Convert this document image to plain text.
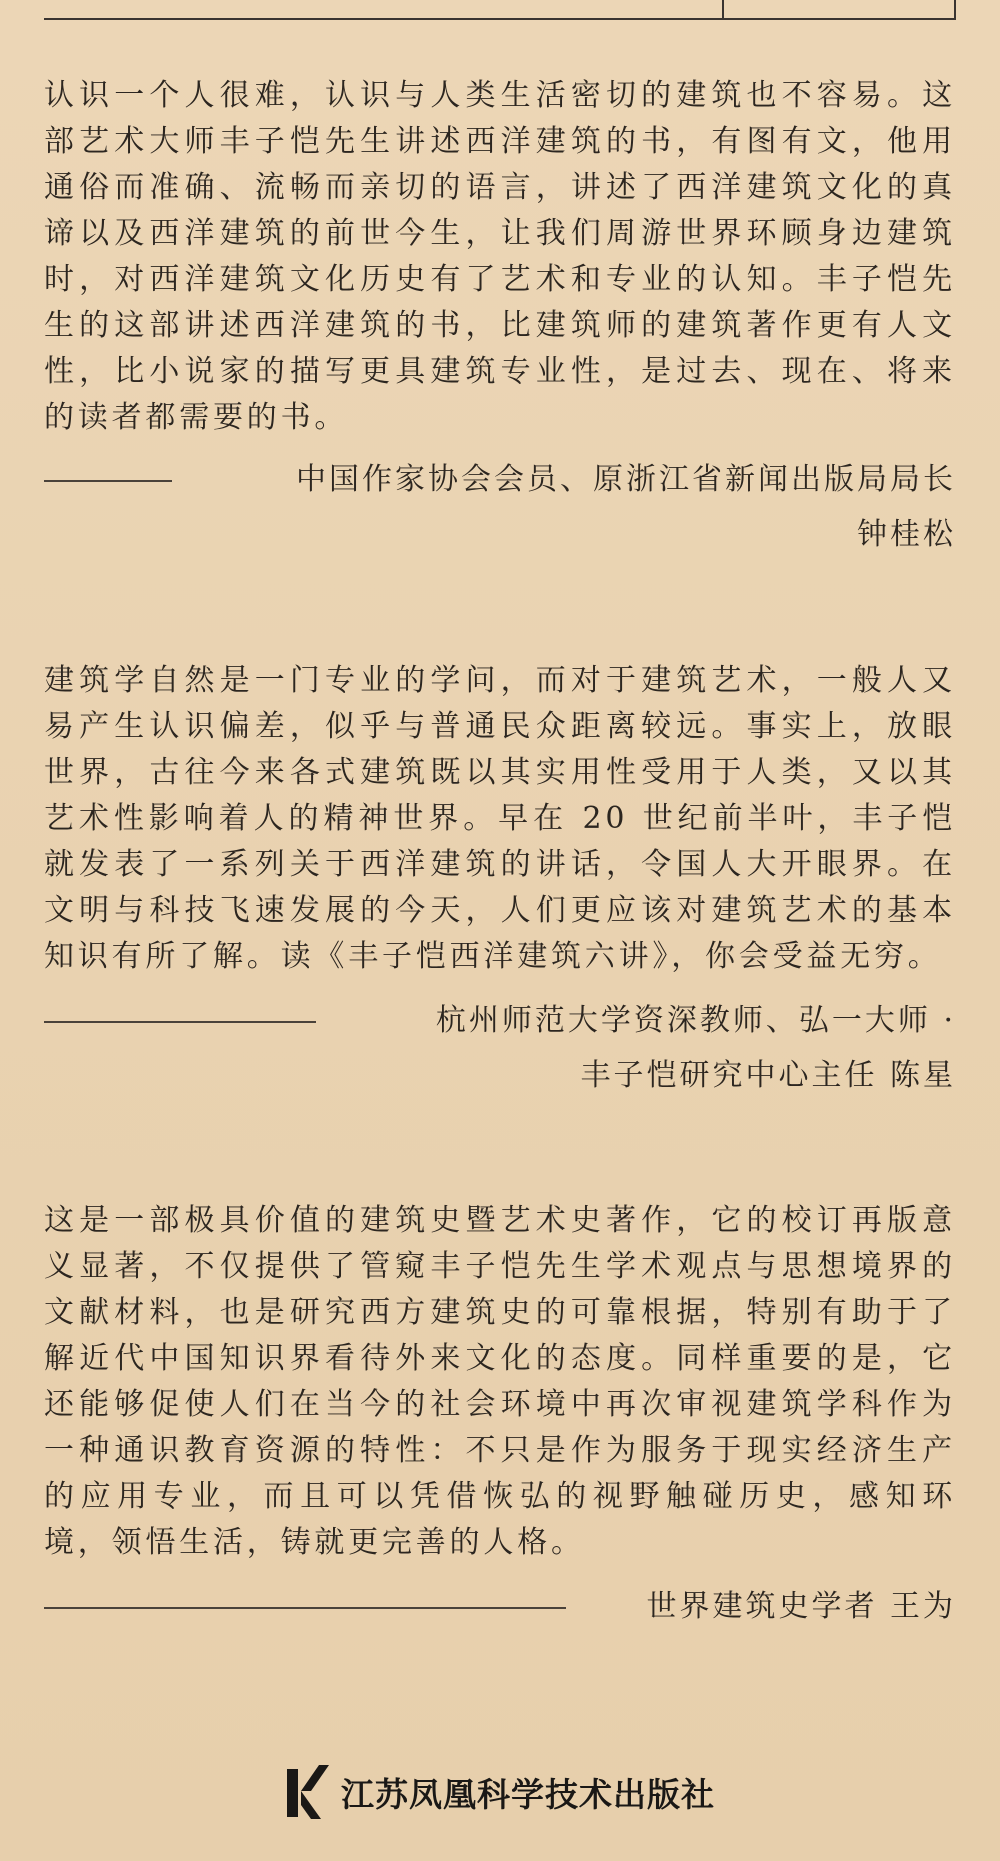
认识一个人很难，认识与人类生活密切的建筑也不容易。这部艺术大师丰子恺先生讲述西洋建筑的书，有图有文，他用通俗而准确、流畅而亲切的语言，讲述了西洋建筑文化的真谛以及西洋建筑的前世今生，让我们周游世界环顾身边建筑时，对西洋建筑文化历史有了艺术和专业的认知。丰子恺先生的这部讲述西洋建筑的书，比建筑师的建筑著作更有人文性，比小说家的描写更具建筑专业性，是过去、现在、将来的读者都需要的书。

中国作家协会会员、原浙江省新闻出版局局长
钟桂松

建筑学自然是一门专业的学问，而对于建筑艺术，一般人又易产生认识偏差，似乎与普通民众距离较远。事实上，放眼世界，古往今来各式建筑既以其实用性受用于人类，又以其艺术性影响着人的精神世界。早在 20 世纪前半叶，丰子恺就发表了一系列关于西洋建筑的讲话，令国人大开眼界。在文明与科技飞速发展的今天，人们更应该对建筑艺术的基本知识有所了解。读《丰子恺西洋建筑六讲》，你会受益无穷。

杭州师范大学资深教师、弘一大师 ·
丰子恺研究中心主任 陈星

这是一部极具价值的建筑史暨艺术史著作，它的校订再版意义显著，不仅提供了管窥丰子恺先生学术观点与思想境界的文献材料，也是研究西方建筑史的可靠根据，特别有助于了解近代中国知识界看待外来文化的态度。同样重要的是，它还能够促使人们在当今的社会环境中再次审视建筑学科作为一种通识教育资源的特性：不只是作为服务于现实经济生产的应用专业，而且可以凭借恢弘的视野触碰历史，感知环境，领悟生活，铸就更完善的人格。

世界建筑史学者 王为
江苏凤凰科学技术出版社
